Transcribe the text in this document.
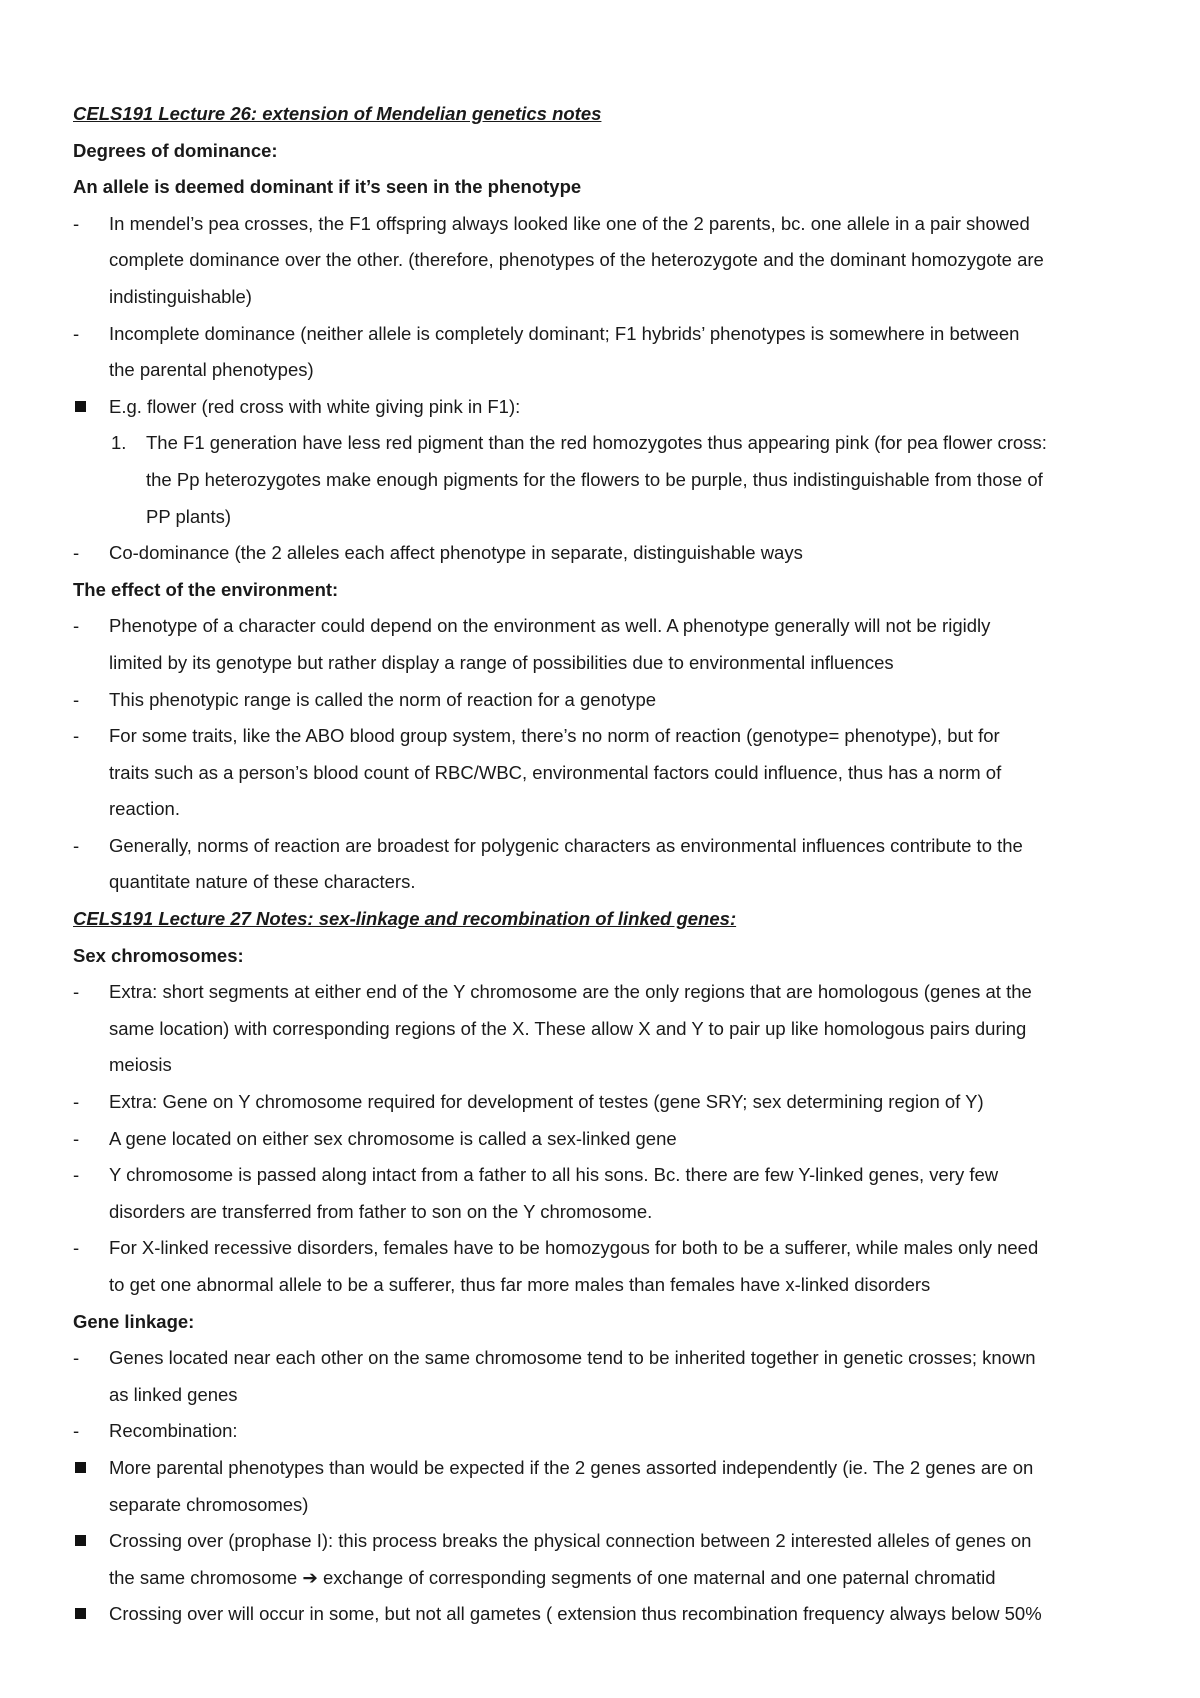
CELS191 Lecture 26: extension of Mendelian genetics notes
Degrees of dominance:
An allele is deemed dominant if it’s seen in the phenotype
-	In mendel’s pea crosses, the F1 offspring always looked like one of the 2 parents, bc. one allele in a pair showed
complete dominance over the other. (therefore, phenotypes of the heterozygote and the dominant homozygote are
indistinguishable)
-	Incomplete dominance (neither allele is completely dominant; F1 hybrids’ phenotypes is somewhere in between
the parental phenotypes)
E.g. flower (red cross with white giving pink in F1):
1. The F1 generation have less red pigment than the red homozygotes thus appearing pink (for pea flower cross:
the Pp heterozygotes make enough pigments for the flowers to be purple, thus indistinguishable from those of
PP plants)
-	Co-dominance (the 2 alleles each affect phenotype in separate, distinguishable ways
The effect of the environment:
-	Phenotype of a character could depend on the environment as well. A phenotype generally will not be rigidly
limited by its genotype but rather display a range of possibilities due to environmental influences
-	This phenotypic range is called the norm of reaction for a genotype
-	For some traits, like the ABO blood group system, there’s no norm of reaction (genotype= phenotype), but for
traits such as a person’s blood count of RBC/WBC, environmental factors could influence, thus has a norm of
reaction.
-	Generally, norms of reaction are broadest for polygenic characters as environmental influences contribute to the
quantitate nature of these characters.
CELS191 Lecture 27 Notes: sex-linkage and recombination of linked genes:
Sex chromosomes:
-	Extra: short segments at either end of the Y chromosome are the only regions that are homologous (genes at the
same location) with corresponding regions of the X. These allow X and Y to pair up like homologous pairs during
meiosis
-	Extra: Gene on Y chromosome required for development of testes (gene SRY; sex determining region of Y)
-	A gene located on either sex chromosome is called a sex-linked gene
-	Y chromosome is passed along intact from a father to all his sons. Bc. there are few Y-linked genes, very few
disorders are transferred from father to son on the Y chromosome.
-	For X-linked recessive disorders, females have to be homozygous for both to be a sufferer, while males only need
to get one abnormal allele to be a sufferer, thus far more males than females have x-linked disorders
Gene linkage:
-	Genes located near each other on the same chromosome tend to be inherited together in genetic crosses; known
as linked genes
-	Recombination:
More parental phenotypes than would be expected if the 2 genes assorted independently (ie. The 2 genes are on
separate chromosomes)
Crossing over (prophase I): this process breaks the physical connection between 2 interested alleles of genes on
the same chromosome ➔ exchange of corresponding segments of one maternal and one paternal chromatid
Crossing over will occur in some, but not all gametes ( extension thus recombination frequency always below 50%
